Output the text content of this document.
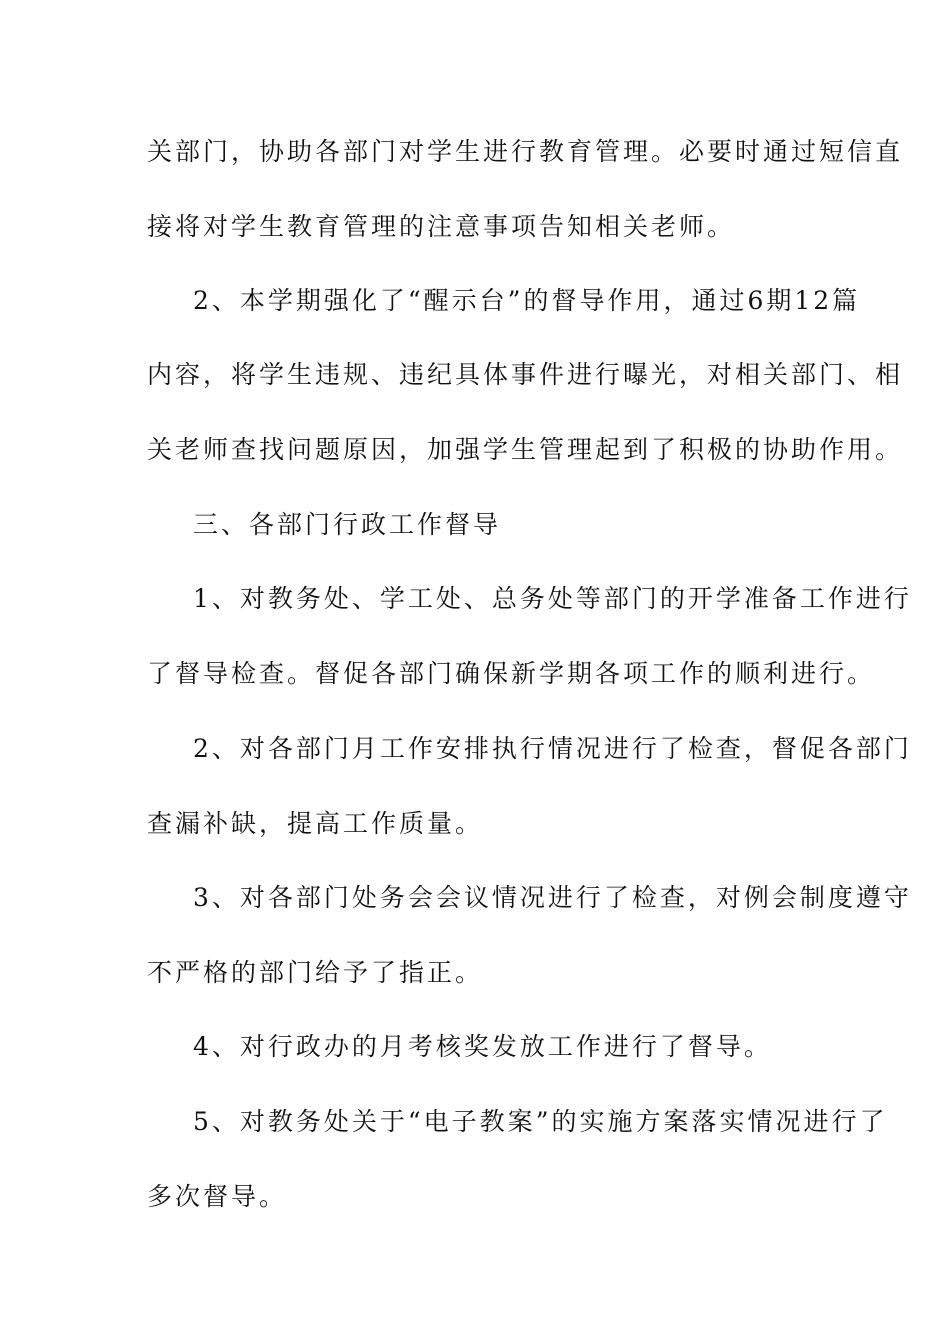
关部门，协助各部门对学生进行教育管理。必要时通过短信直
接将对学生教育管理的注意事项告知相关老师。
2、本学期强化了“醒示台”的督导作用，通过6期12篇
内容，将学生违规、违纪具体事件进行曝光，对相关部门、相
关老师查找问题原因，加强学生管理起到了积极的协助作用。
三、各部门行政工作督导
1、对教务处、学工处、总务处等部门的开学准备工作进行
了督导检查。督促各部门确保新学期各项工作的顺利进行。
2、对各部门月工作安排执行情况进行了检查，督促各部门
查漏补缺，提高工作质量。
3、对各部门处务会会议情况进行了检查，对例会制度遵守
不严格的部门给予了指正。
4、对行政办的月考核奖发放工作进行了督导。
5、对教务处关于“电子教案”的实施方案落实情况进行了
多次督导。
